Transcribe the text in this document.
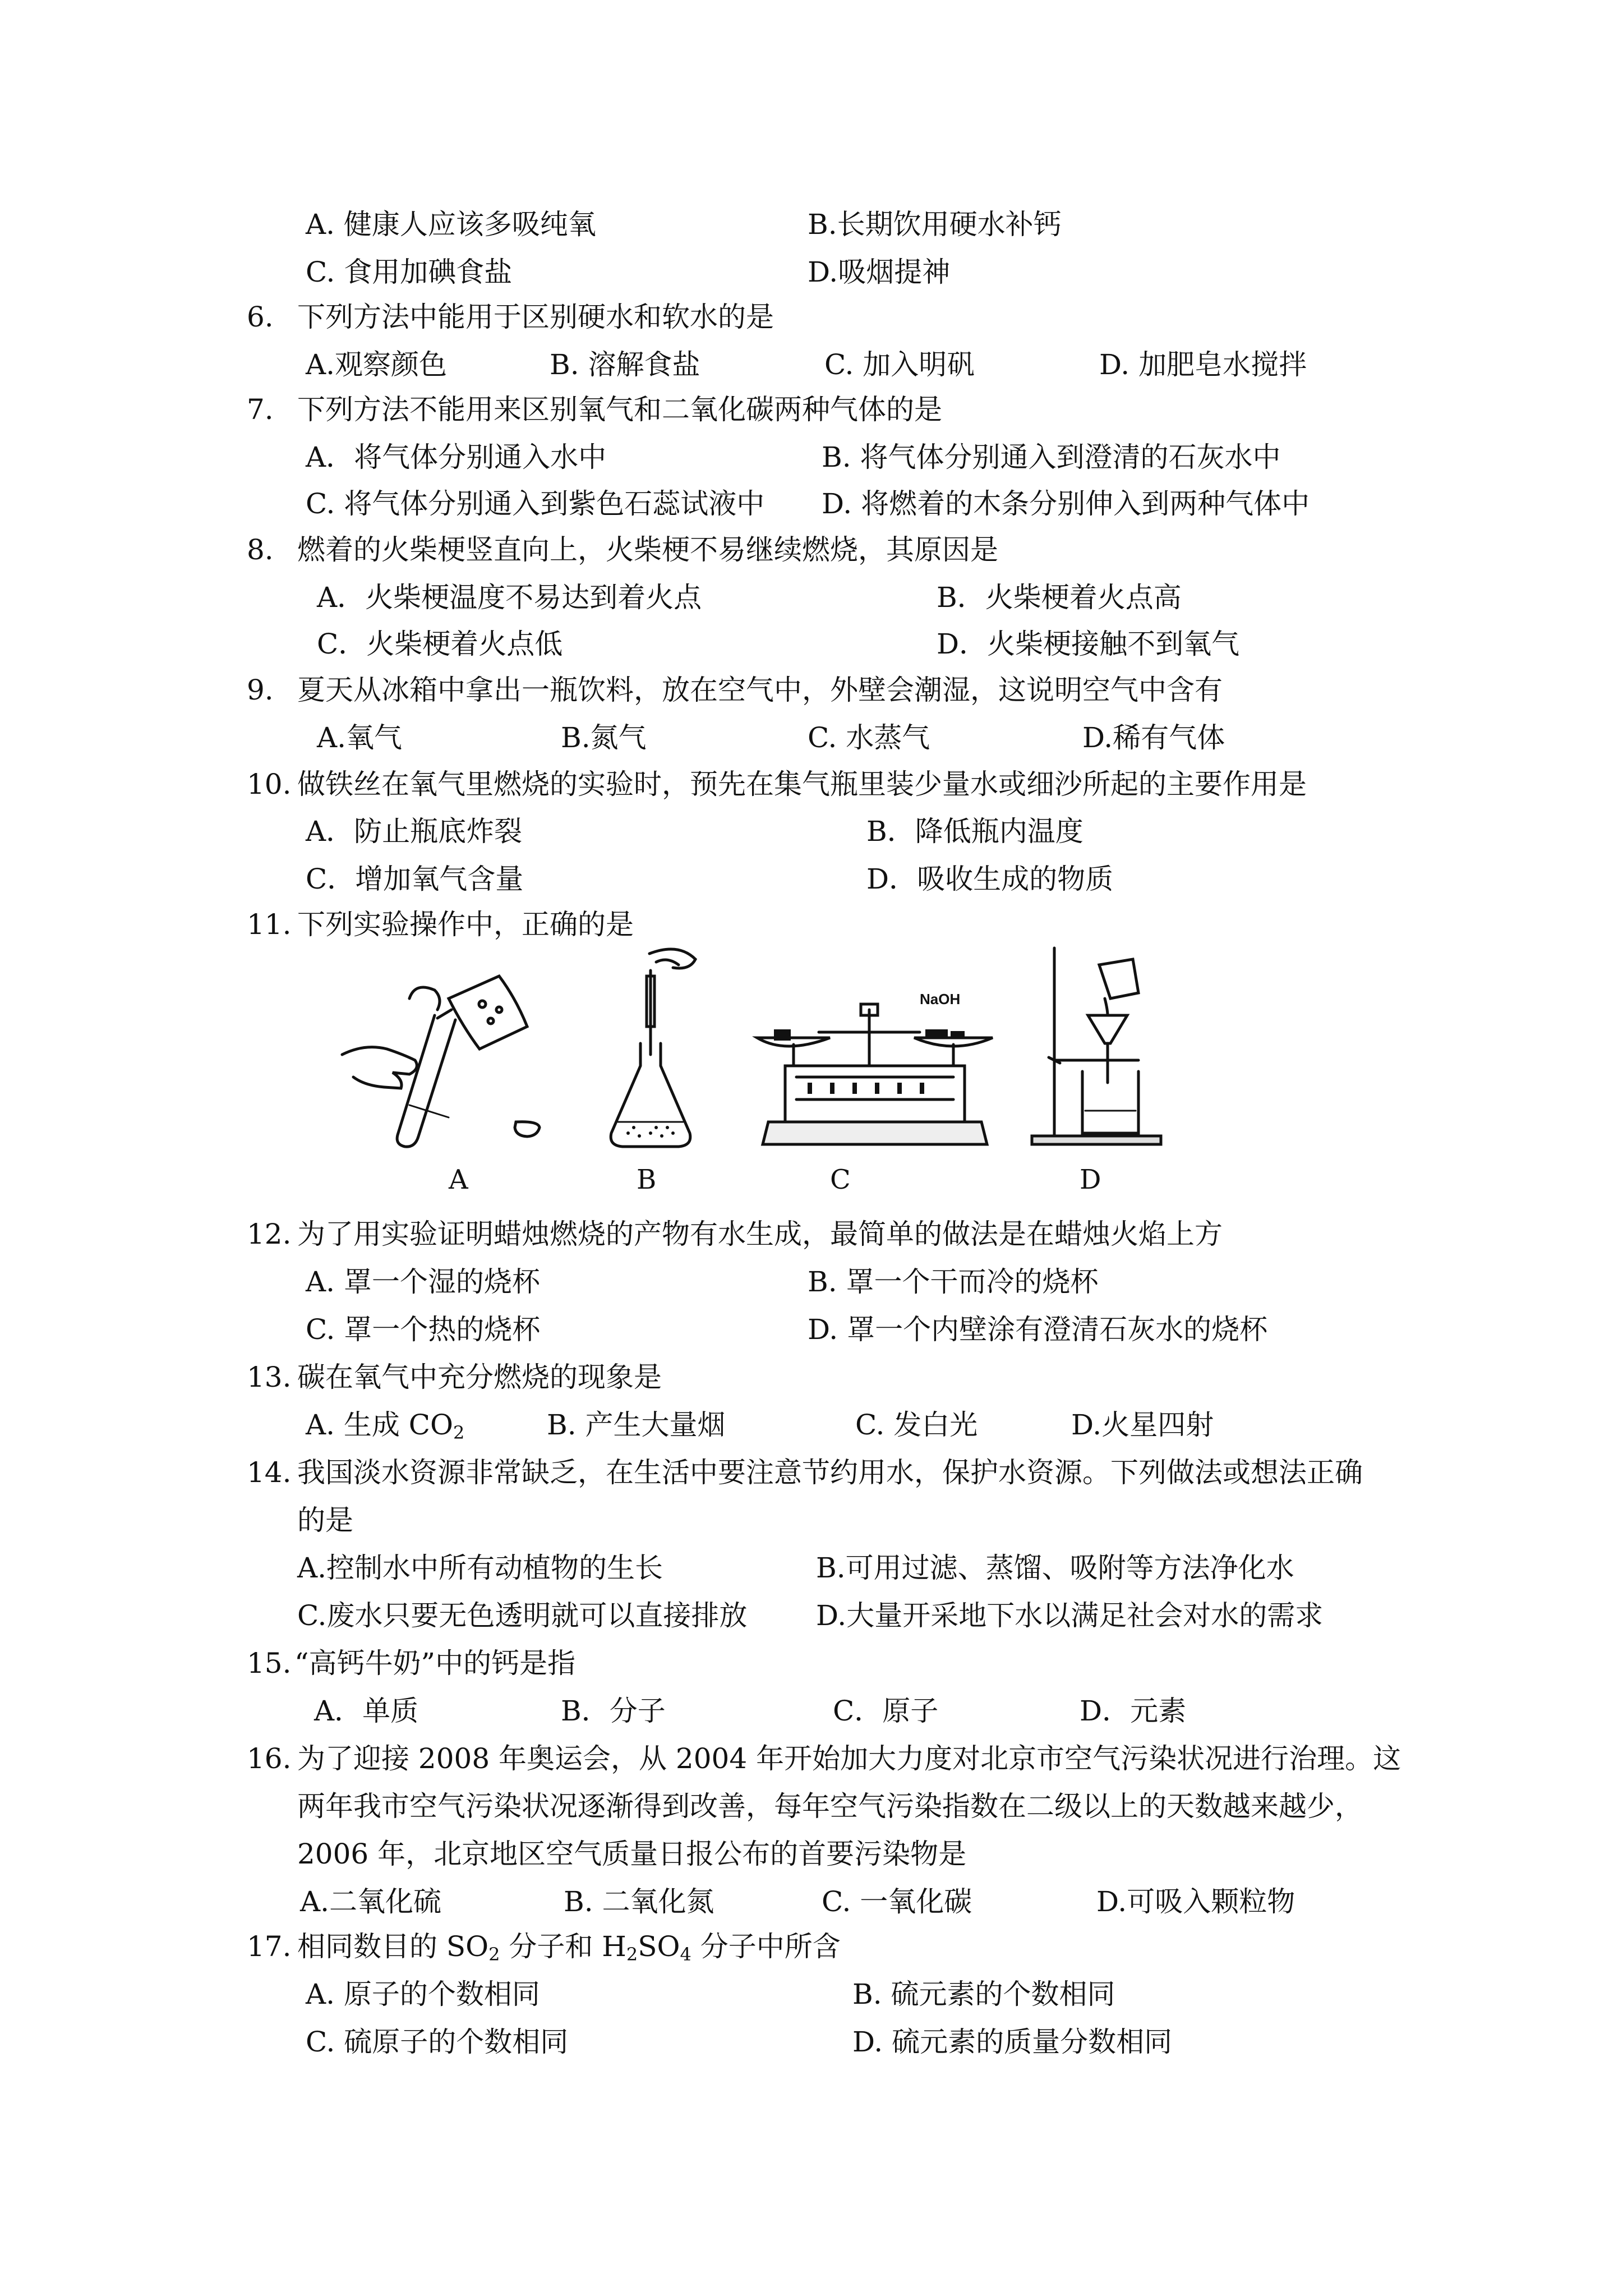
A. 健康人应该多吸纯氧	B.长期饮用硬水补钙
C. 食用加碘食盐	D.吸烟提神
6. 下列方法中能用于区别硬水和软水的是
A.观察颜色	B. 溶解食盐	C. 加入明矾	D. 加肥皂水搅拌
7. 下列方法不能用来区别氧气和二氧化碳两种气体的是
A．将气体分别通入水中	B. 将气体分别通入到澄清的石灰水中
C. 将气体分别通入到紫色石蕊试液中 D. 将燃着的木条分别伸入到两种气体中
8. 燃着的火柴梗竖直向上，火柴梗不易继续燃烧，其原因是
A．火柴梗温度不易达到着火点	B．火柴梗着火点高
C．火柴梗着火点低	D．火柴梗接触不到氧气
9. 夏天从冰箱中拿出一瓶饮料，放在空气中，外壁会潮湿，这说明空气中含有
A.氧气	B.氮气	C. 水蒸气	D.稀有气体
10. 做铁丝在氧气里燃烧的实验时，预先在集气瓶里装少量水或细沙所起的主要作用是
A．防止瓶底炸裂	B．降低瓶内温度
C．增加氧气含量	D．吸收生成的物质
11. 下列实验操作中，正确的是
A	B
NaOH
C	D
12. 为了用实验证明蜡烛燃烧的产物有水生成，最简单的做法是在蜡烛火焰上方
A. 罩一个湿的烧杯	B. 罩一个干而冷的烧杯
C. 罩一个热的烧杯	D. 罩一个内壁涂有澄清石灰水的烧杯
13. 碳在氧气中充分燃烧的现象是
A. 生成 $CO_2$	B. 产生大量烟	C. 发白光	D.火星四射
14. 我国淡水资源非常缺乏，在生活中要注意节约用水，保护水资源。下列做法或想法正确
的是
A.控制水中所有动植物的生长	B.可用过滤、蒸馏、吸附等方法净化水
C.废水只要无色透明就可以直接排放 D.大量开采地下水以满足社会对水的需求
15. “高钙牛奶”中的钙是指
A．单质	B．分子	C．原子	D．元素
16. 为了迎接 2008 年奥运会，从 2004 年开始加大力度对北京市空气污染状况进行治理。这
两年我市空气污染状况逐渐得到改善，每年空气污染指数在二级以上的天数越来越少，
2006 年，北京地区空气质量日报公布的首要污染物是
A.二氧化硫	B. 二氧化氮	C. 一氧化碳	D.可吸入颗粒物
17. 相同数目的 $SO_2$ 分子和 $H_2SO_4$ 分子中所含
A. 原子的个数相同	B. 硫元素的个数相同
C. 硫原子的个数相同	D. 硫元素的质量分数相同
